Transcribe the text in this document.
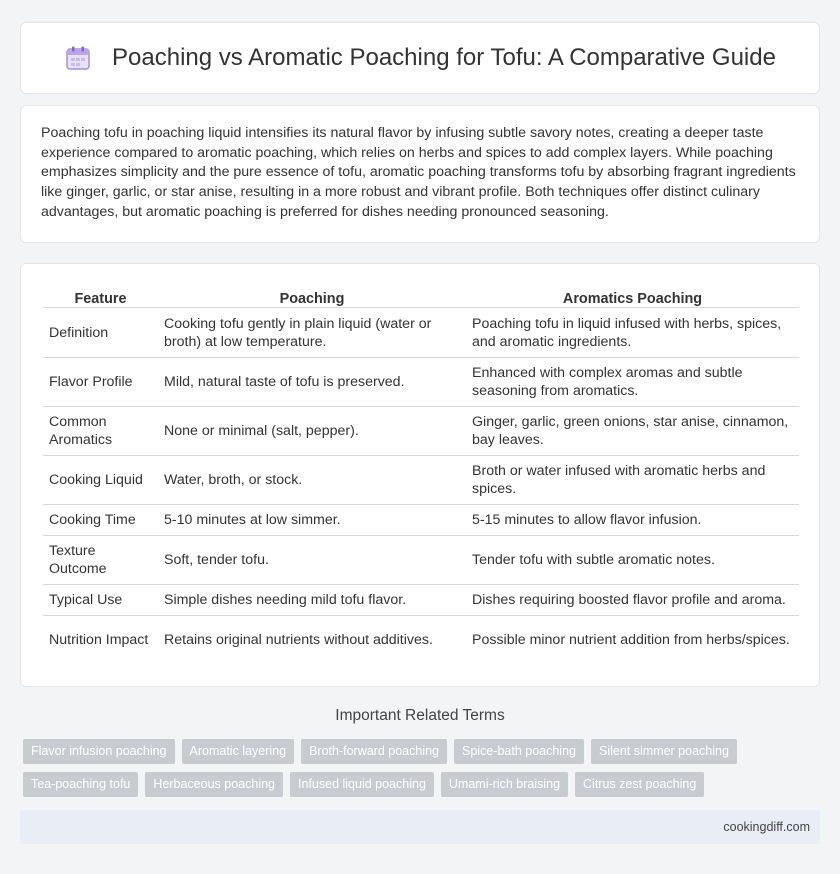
Poaching vs Aromatic Poaching for Tofu: A Comparative Guide

Poaching tofu in poaching liquid intensifies its natural flavor by infusing subtle savory notes, creating a deeper taste experience compared to aromatic poaching, which relies on herbs and spices to add complex layers. While poaching emphasizes simplicity and the pure essence of tofu, aromatic poaching transforms tofu by absorbing fragrant ingredients like ginger, garlic, or star anise, resulting in a more robust and vibrant profile. Both techniques offer distinct culinary advantages, but aromatic poaching is preferred for dishes needing pronounced seasoning.

Feature	Poaching	Aromatics Poaching
Definition	Cooking tofu gently in plain liquid (water or broth) at low temperature.	Poaching tofu in liquid infused with herbs, spices, and aromatic ingredients.
Flavor Profile	Mild, natural taste of tofu is preserved.	Enhanced with complex aromas and subtle seasoning from aromatics.
Common Aromatics	None or minimal (salt, pepper).	Ginger, garlic, green onions, star anise, cinnamon, bay leaves.
Cooking Liquid	Water, broth, or stock.	Broth or water infused with aromatic herbs and spices.
Cooking Time	5-10 minutes at low simmer.	5-15 minutes to allow flavor infusion.
Texture Outcome	Soft, tender tofu.	Tender tofu with subtle aromatic notes.
Typical Use	Simple dishes needing mild tofu flavor.	Dishes requiring boosted flavor profile and aroma.
Nutrition Impact	Retains original nutrients without additives.	Possible minor nutrient addition from herbs/spices.
Important Related Terms
Flavor infusion poaching	Aromatic layering	Broth-forward poaching	Spice-bath poaching	Silent simmer poaching
Tea-poaching tofu	Herbaceous poaching	Infused liquid poaching	Umami-rich braising	Citrus zest poaching
cookingdiff.com
